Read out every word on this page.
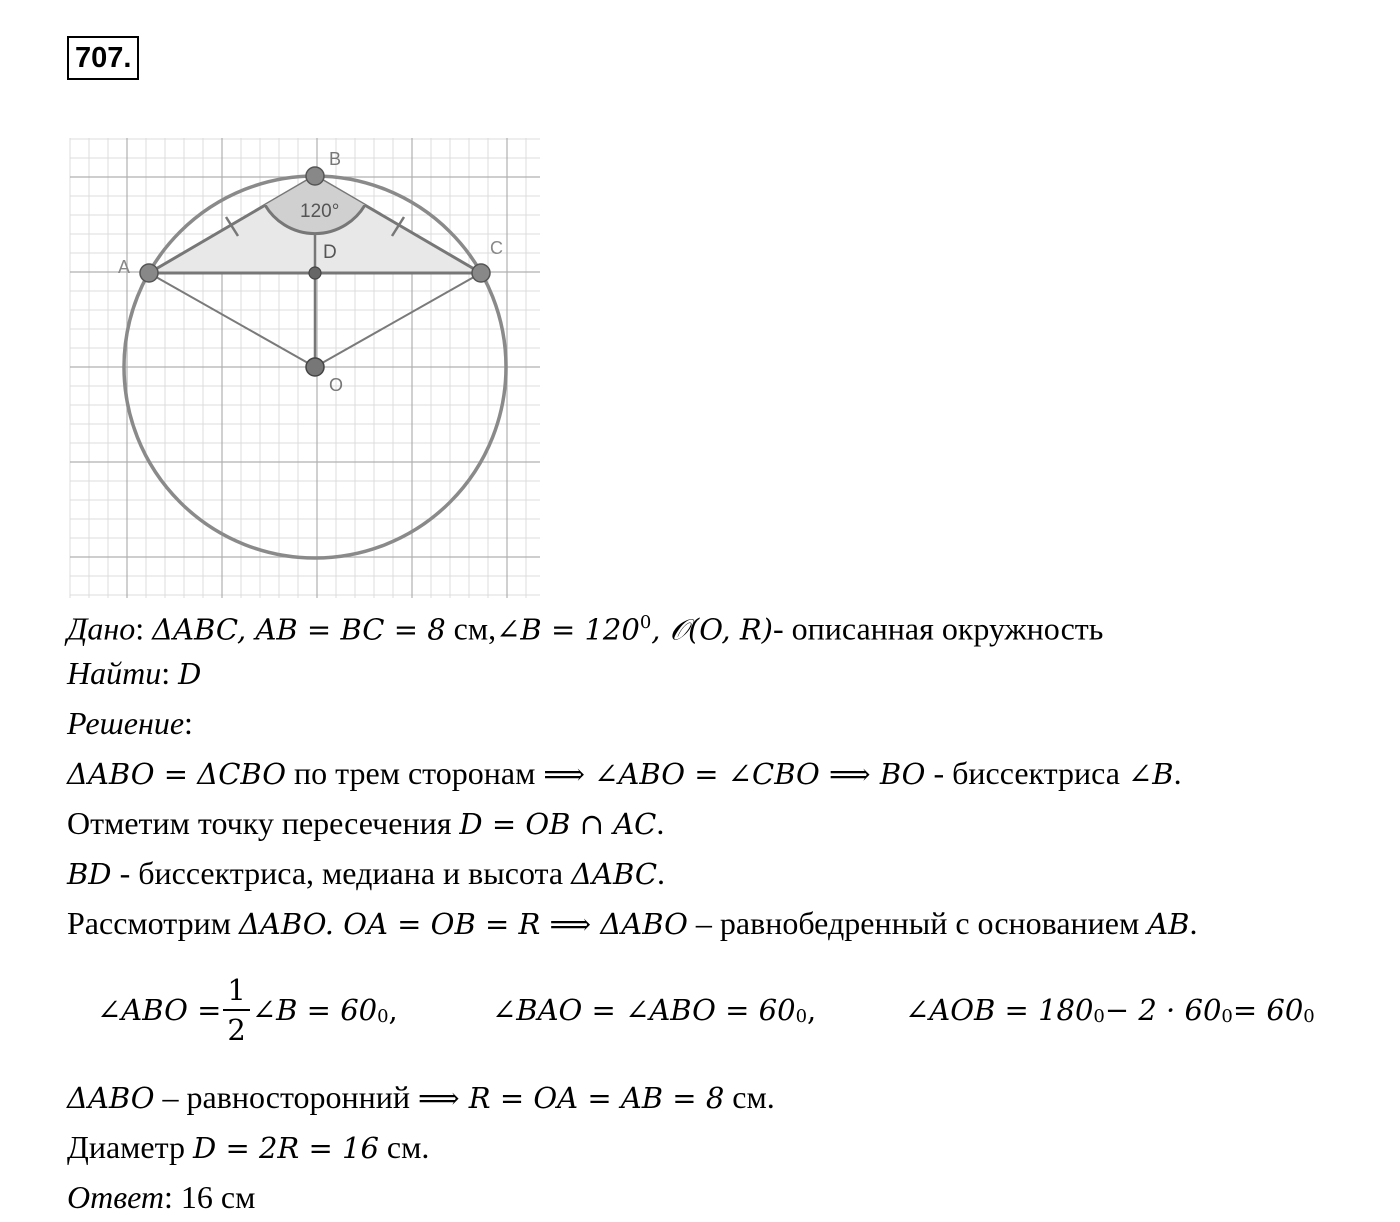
707.
120°
A
B
C
D
O
Дано: ΔABC, AB = BC = 8 см,∠B = $120^0$, 𝒪(O, R)- описанная окружность
Найти: D
Решение:
ΔABO = ΔCBO по трем сторонам ⟹ ∠ABO = ∠CBO ⟹ BO - биссектриса ∠B.
Отметим точку пересечения D = OB ∩ AC.
BD - биссектриса, медиана и высота ΔABC.
Рассмотрим ΔABO. OA = OB = R ⟹ ΔABO – равнобедренный с основанием AB.
∠ABO = $\frac{1}{2}$ ∠B = $60_0$ ,	∠BAO = ∠ABO = $60_0$ ,	∠AOB = $180_0 - 2 \cdot 60_0 = 60_0$
ΔABO – равносторонний ⟹ R = OA = AB = 8 см.
Диаметр D = 2R = 16 см.
Ответ: 16 см
